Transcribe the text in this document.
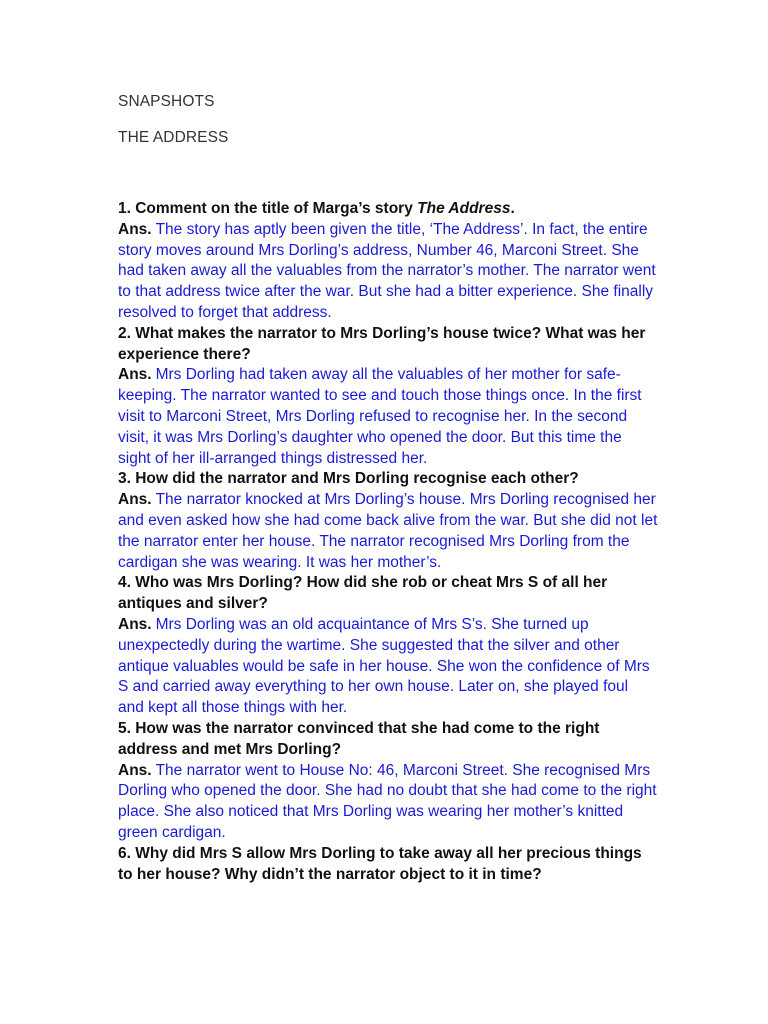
SNAPSHOTS

THE ADDRESS

1. Comment on the title of Marga’s story The Address.

Ans. The story has aptly been given the title, ‘The Address’. In fact, the entire story moves around Mrs Dorling’s address, Number 46, Marconi Street. She had taken away all the valuables from the narrator’s mother. The narrator went to that address twice after the war. But she had a bitter experience. She finally resolved to forget that address.

2. What makes the narrator to Mrs Dorling’s house twice? What was her experience there?

Ans. Mrs Dorling had taken away all the valuables of her mother for safe-keeping. The narrator wanted to see and touch those things once. In the first visit to Marconi Street, Mrs Dorling refused to recognise her. In the second visit, it was Mrs Dorling’s daughter who opened the door. But this time the sight of her ill-arranged things distressed her.

3. How did the narrator and Mrs Dorling recognise each other?

Ans. The narrator knocked at Mrs Dorling’s house. Mrs Dorling recognised her and even asked how she had come back alive from the war. But she did not let the narrator enter her house. The narrator recognised Mrs Dorling from the cardigan she was wearing. It was her mother’s.

4. Who was Mrs Dorling? How did she rob or cheat Mrs S of all her antiques and silver?

Ans. Mrs Dorling was an old acquaintance of Mrs S’s. She turned up unexpectedly during the wartime. She suggested that the silver and other antique valuables would be safe in her house. She won the confidence of Mrs S and carried away everything to her own house. Later on, she played foul and kept all those things with her.

5. How was the narrator convinced that she had come to the right address and met Mrs Dorling?

Ans. The narrator went to House No: 46, Marconi Street. She recognised Mrs Dorling who opened the door. She had no doubt that she had come to the right place. She also noticed that Mrs Dorling was wearing her mother’s knitted green cardigan.

6. Why did Mrs S allow Mrs Dorling to take away all her precious things to her house? Why didn’t the narrator object to it in time?
